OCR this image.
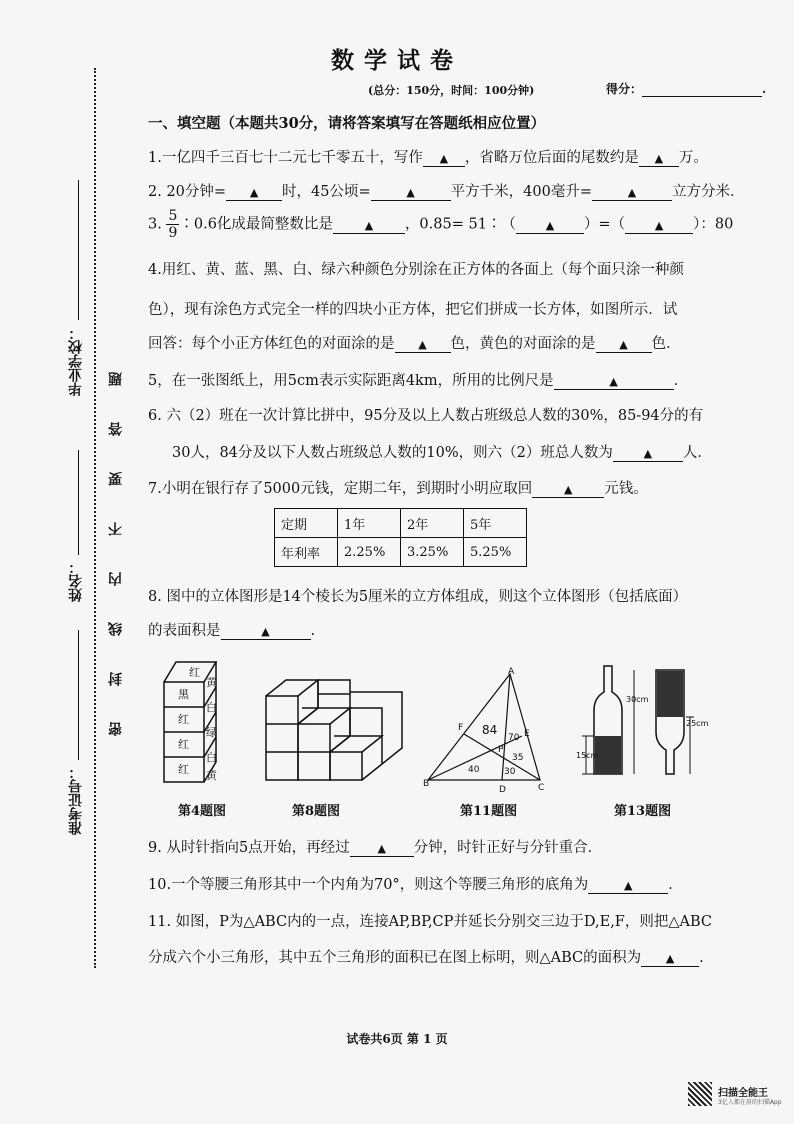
数学试卷
(总分：150分，时间：100分钟)	得分：	.
毕业学校：
姓名：
准考证号：
密封线内不要答题
一、填空题（本题共30分，请将答案填写在答题纸相应位置）
1.一亿四千三百七十二元七千零五十，写作 ▲ ，省略万位后面的尾数约是 ▲ 万。
2. 20分钟= ▲ 时，45公顷=	▲ 平方千米，400毫升=	▲ 立方分米．
3. $\frac{5}{9}∶0.6$化成最简整数比是	▲ ，0.85= 51∶（	▲ ）=（	▲ ）：80
4.用红、黄、蓝、黑、白、绿六种颜色分别涂在正方体的各面上（每个面只涂一种颜
色），现有涂色方式完全一样的四块小正方体，把它们拼成一长方体，如图所示．试
回答：每个小正方体红色的对面涂的是 ▲ 色，黄色的对面涂的是 ▲ 色．
5，在一张图纸上，用5cm表示实际距离4km，所用的比例尺是	▲	．
6. 六（2）班在一次计算比拼中，95分及以上人数占班级总人数的30%，85-94分的有
30人，84分及以下人数占班级总人数的10%，则六（2）班总人数为	▲ 人．
7.小明在银行存了5000元钱，定期二年，到期时小明应取回	▲ 元钱。
定期	1年	2年	5年
年利率	2.25%	3.25%	5.25%
8. 图中的立体图形是14个棱长为5厘米的立方体组成，则这个立体图形（包括底面）
的表面积是	▲	.
红
黑
黄
红
白
红
绿
白
红 黄
A
B	C
D
E
F
P
84
70
40	30
35
30cm
25cm
15cm
第4题图	第8题图	第11题图	第13题图
9. 从时针指向5点开始，再经过	▲ 分钟，时针正好与分针重合．
10.一个等腰三角形其中一个内角为70°，则这个等腰三角形的底角为	▲ ．
11. 如图，P为△ABC内的一点，连接AP,BP,CP并延长分别交三边于D,E,F，则把△ABC
分成六个小三角形，其中五个三角形的面积已在图上标明，则△ABC的面积为 ▲ .
试卷共6页 第 1 页
扫描全能王
3亿人都在用的扫描App
